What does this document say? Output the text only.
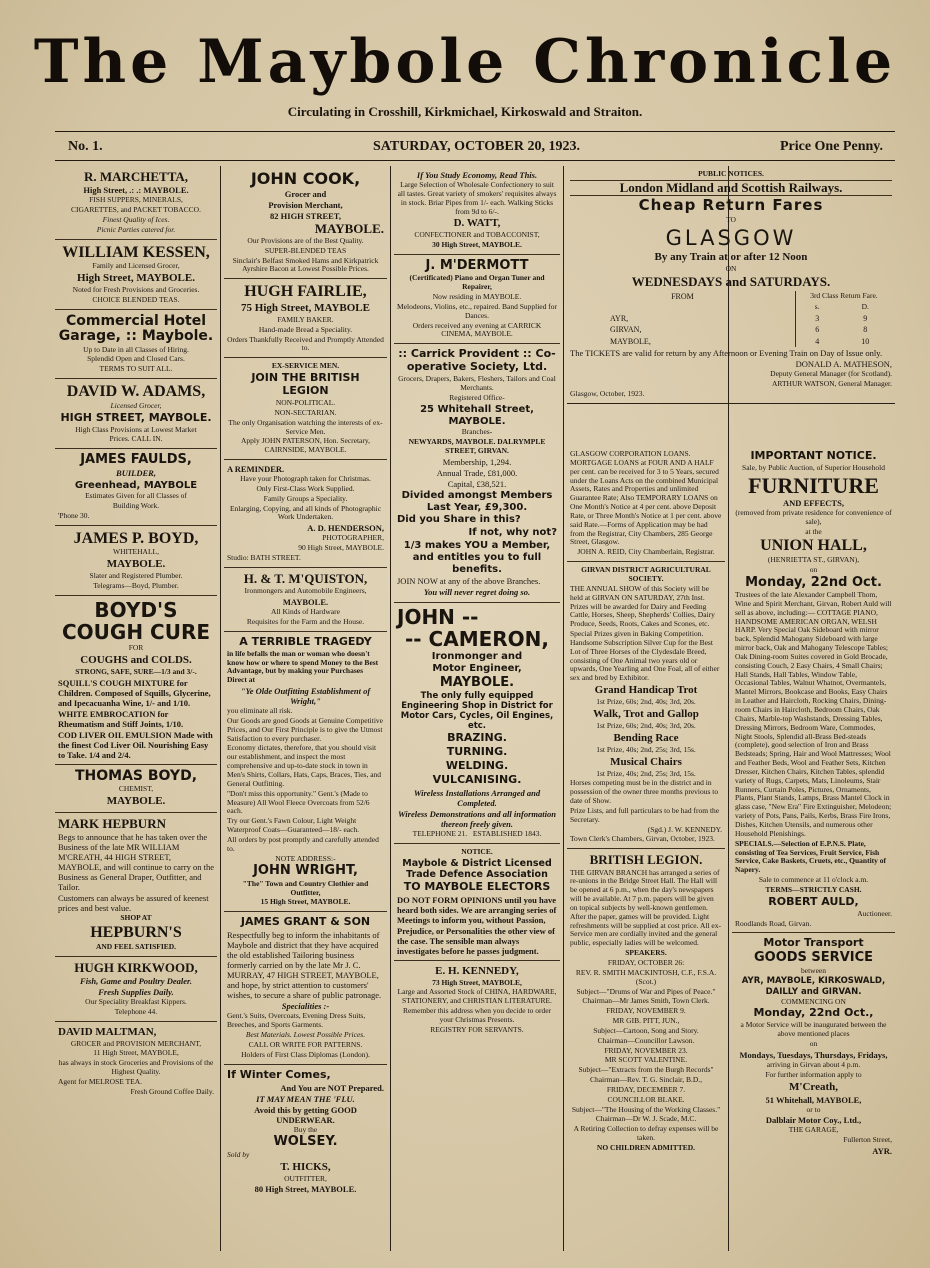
The Maybole Chronicle
Circulating in Crosshill, Kirkmichael, Kirkoswald and Straiton.
No. 1.	SATURDAY, OCTOBER 20, 1923.	Price One Penny.
R. MARCHETTA,
High Street, .: .: MAYBOLE.
FISH SUPPERS, MINERALS,
CIGARETTES, and PACKET TOBACCO.
Finest Quality of Ices.
Picnic Parties catered for.
WILLIAM KESSEN,
Family and Licensed Grocer,
High Street, MAYBOLE.
Noted for Fresh Provisions and Groceries.
CHOICE BLENDED TEAS.
Commercial Hotel Garage, :: Maybole.
Up to Date in all Classes of Hiring.
Splendid Open and Closed Cars.
TERMS TO SUIT ALL.
DAVID W. ADAMS,
Licensed Grocer,
HIGH STREET, MAYBOLE.
High Class Provisions at Lowest Market
Prices. CALL IN.
JAMES FAULDS,
BUILDER,
Greenhead, MAYBOLE
Estimates Given for all Classes of
Building Work.
'Phone 30.
JAMES P. BOYD,
WHITEHALL,
MAYBOLE.
Slater and Registered Plumber.
Telegrams—Boyd, Plumber.
BOYD'S
COUGH CURE
FOR
COUGHS and COLDS.
STRONG, SAFE, SURE—1/3 and 3/-.
SQUILL'S COUGH MIXTURE for Children. Composed of Squills, Glycerine, and Ipecacuanha Wine, 1/- and 1/10.
WHITE EMBROCATION for Rheumatism and Stiff Joints, 1/10.
COD LIVER OIL EMULSION Made with the finest Cod Liver Oil. Nourishing Easy to Take. 1/4 and 2/4.
THOMAS BOYD,
CHEMIST,
MAYBOLE.
MARK HEPBURN
Begs to announce that he has taken over the Business of the late MR WILLIAM M'CREATH, 44 HIGH STREET, MAYBOLE, and will continue to carry on the Business as General Draper, Outfitter, and Tailor.
Customers can always be assured of keenest prices and best value.
SHOP AT
HEPBURN'S
AND FEEL SATISFIED.
HUGH KIRKWOOD,
Fish, Game and Poultry Dealer.
Fresh Supplies Daily.
Our Speciality Breakfast Kippers.
Telephone 44.
DAVID MALTMAN,
GROCER and PROVISION MERCHANT,
11 High Street, MAYBOLE,
has always in stock Groceries and Provisions of the Highest Quality.
Agent for MELROSE TEA.
Fresh Ground Coffee Daily.
JOHN COOK,
Grocer and
Provision Merchant,
82 HIGH STREET,
MAYBOLE.
Our Provisions are of the Best Quality.
SUPER-BLENDED TEAS
Sinclair's Belfast Smoked Hams and Kirkpatrick Ayrshire Bacon at Lowest Possible Prices.
HUGH FAIRLIE,
75 High Street, MAYBOLE
FAMILY BAKER.
Hand-made Bread a Speciality.
Orders Thankfully Received and Promptly Attended to.
EX-SERVICE MEN.
JOIN THE BRITISH LEGION
NON-POLITICAL.
NON-SECTARIAN.
The only Organisation watching the interests of ex-Service Men.
Apply JOHN PATERSON, Hon. Secretary, CAIRNSIDE, MAYBOLE.
A REMINDER.
Have your Photograph taken for Christmas.
Only First-Class Work Supplied.
Family Groups a Speciality.
Enlarging, Copying, and all kinds of Photographic Work Undertaken.
A. D. HENDERSON,
PHOTOGRAPHER,
90 High Street, MAYBOLE.
Studio: BATH STREET.
H. & T. M'QUISTON,
Ironmongers and Automobile Engineers,
MAYBOLE.
All Kinds of Hardware
Requisites for the Farm and the House.
A TERRIBLE TRAGEDY
in life befalls the man or woman who doesn't know how or where to spend Money to the Best Advantage, but by making your Purchases Direct at
"Ye Olde Outfitting Establishment of Wright,"
you eliminate all risk.
Our Goods are good Goods at Genuine Competitive Prices, and Our First Principle is to give the Utmost Satisfaction to every purchaser.
Economy dictates, therefore, that you should visit our establishment, and inspect the most comprehensive and up-to-date stock in town in Men's Shirts, Collars, Hats, Caps, Braces, Ties, and General Outfitting.
"Don't miss this opportunity." Gent.'s (Made to Measure) All Wool Fleece Overcoats from 52/6 each.
Try our Gent.'s Fawn Colour, Light Weight Waterproof Coats—Guaranteed—18/- each.
All orders by post promptly and carefully attended to.
NOTE ADDRESS:-
JOHN WRIGHT,
"The" Town and Country Clothier and Outfitter,
15 High Street, MAYBOLE.
JAMES GRANT & SON
Respectfully beg to inform the inhabitants of Maybole and district that they have acquired the old established Tailoring business formerly carried on by the late Mr J. C. MURRAY, 47 HIGH STREET, MAYBOLE, and hope, by strict attention to customers' wishes, to secure a share of public patronage.
Specialities :-
Gent.'s Suits, Overcoats, Evening Dress Suits, Breeches, and Sports Garments.
Best Materials. Lowest Possible Prices.
CALL OR WRITE FOR PATTERNS.
Holders of First Class Diplomas (London).
If Winter Comes,
And You are NOT Prepared.
IT MAY MEAN THE 'FLU.
Avoid this by getting GOOD UNDERWEAR.
Buy the
WOLSEY.
Sold by
T. HICKS,
OUTFITTER,
80 High Street, MAYBOLE.
If You Study Economy, Read This.
Large Selection of Wholesale Confectionery to suit all tastes. Great variety of smokers' requisites always in stock. Briar Pipes from 1/- each. Walking Sticks from 9d to 6/-.
D. WATT,
CONFECTIONER and TOBACCONIST,
30 High Street, MAYBOLE.
J. M'DERMOTT
(Certificated) Piano and Organ Tuner and Repairer,
Now residing in MAYBOLE.
Melodeons, Violins, etc., repaired. Band Supplied for Dances.
Orders received any evening at CARRICK CINEMA, MAYBOLE.
:: Carrick Provident :: Co-operative Society, Ltd.
Grocers, Drapers, Bakers, Fleshers, Tailors and Coal Merchants.
Registered Office-
25 Whitehall Street, MAYBOLE.
Branches-
NEWYARDS, MAYBOLE. DALRYMPLE STREET, GIRVAN.
Membership, 1,294.
Annual Trade, £81,000.
Capital, £38,521.
Divided amongst Members Last Year, £9,300.
Did you Share in this?
If not, why not?
1/3 makes YOU a Member, and entitles you to full benefits.
JOIN NOW at any of the above Branches.
You will never regret doing so.
JOHN --
-- CAMERON,
Ironmonger and
Motor Engineer,
MAYBOLE.
The only fully equipped Engineering Shop in District for Motor Cars, Cycles, Oil Engines, etc.
BRAZING.
TURNING.
WELDING.
VULCANISING.
Wireless Installations Arranged and Completed.
Wireless Demonstrations and all information thereon freely given.
TELEPHONE 21. ESTABLISHED 1843.
NOTICE.
Maybole & District Licensed Trade Defence Association
TO MAYBOLE ELECTORS
DO NOT FORM OPINIONS until you have heard both sides. We are arranging series of Meetings to inform you, without Passion, Prejudice, or Personalities the other view of the case. The sensible man always investigates before he passes judgment.
E. H. KENNEDY,
73 High Street, MAYBOLE,
Large and Assorted Stock of CHINA, HARDWARE, STATIONERY, and CHRISTIAN LITERATURE.
Remember this address when you decide to order your Christmas Presents.
REGISTRY FOR SERVANTS.
PUBLIC NOTICES.
London Midland and Scottish Railways.
Cheap Return Fares
TO
GLASGOW
By any Train at or after 12 Noon
ON
WEDNESDAYS and SATURDAYS.
FROM	3rd Class Return Fare.	
	s.	D.
AYR,	3	9
GIRVAN,	6	8
MAYBOLE,	4	10
The TICKETS are valid for return by any Afternoon or Evening Train on Day of Issue only.
DONALD A. MATHESON,
Deputy General Manager (for Scotland).
ARTHUR WATSON, General Manager.
Glasgow, October, 1923.
GLASGOW CORPORATION LOANS. MORTGAGE LOANS at FOUR AND A HALF per cent. can be received for 3 to 5 Years, secured under the Loans Acts on the combined Municipal Assets, Rates and Properties and unlimited Guarantee Rate; Also TEMPORARY LOANS on One Month's Notice at 4 per cent. above Deposit Rate, or Three Month's Notice at 1 per cent. above said Rate.—Forms of Application may be had from the Registrar, City Chambers, 285 George Street, Glasgow.
JOHN A. REID, City Chamberlain, Registrar.
GIRVAN DISTRICT AGRICULTURAL SOCIETY.
THE ANNUAL SHOW of this Society will be held at GIRVAN ON SATURDAY, 27th Inst. Prizes will be awarded for Dairy and Feeding Cattle, Horses, Sheep, Shepherds' Collies, Dairy Produce, Seeds, Roots, Cakes and Scones, etc.
Special Prizes given in Baking Competition. Handsome Subscription Silver Cup for the Best Lot of Three Horses of the Clydesdale Breed, consisting of One Animal two years old or upwards, One Yearling and One Foal, all of either sex and bred by Exhibitor.
Grand Handicap Trot
1st Prize, 60s; 2nd, 40s; 3rd, 20s.
Walk, Trot and Gallop
1st Prize, 60s; 2nd, 40s; 3rd, 20s.
Bending Race
1st Prize, 40s; 2nd, 25s; 3rd, 15s.
Musical Chairs
1st Prize, 40s; 2nd, 25s; 3rd, 15s.
Horses competing must be in the district and in possession of the owner three months previous to date of Show.
Prize Lists, and full particulars to be had from the Secretary.
(Sgd.) J. W. KENNEDY.
Town Clerk's Chambers, Girvan, October, 1923.
BRITISH LEGION.
THE GIRVAN BRANCH has arranged a series of re-unions in the Bridge Street Hall. The Hall will be opened at 6 p.m., when the day's newspapers will be available. At 7 p.m. papers will be given on topical subjects by well-known gentlemen. After the paper, games will be provided. Light refreshments will be supplied at cost price. All ex-Service men are cordially invited and the general public, especially ladies will be welcomed.
SPEAKERS.
FRIDAY, OCTOBER 26:
REV. R. SMITH MACKINTOSH, C.F., F.S.A. (Scot.)
Subject—"Drums of War and Pipes of Peace."
Chairman—Mr James Smith, Town Clerk.
FRIDAY, NOVEMBER 9.
MR GIB. PITT, JUN.,
Subject—Cartoon, Song and Story.
Chairman—Councillor Lawson.
FRIDAY, NOVEMBER 23.
MR SCOTT VALENTINE.
Subject—"Extracts from the Burgh Records"
Chairman—Rev. T. G. Sinclair, B.D.,
FRIDAY, DECEMBER 7.
COUNCILLOR BLAKE.
Subject—"The Housing of the Working Classes."
Chairman—Dr W. J. Scade, M.C.
A Retiring Collection to defray expenses will be taken.
NO CHILDREN ADMITTED.
IMPORTANT NOTICE.
Sale, by Public Auction, of Superior Household
FURNITURE
AND EFFECTS,
(removed from private residence for convenience of sale),
at the
UNION HALL,
(HENRIETTA ST., GIRVAN),
on
Monday, 22nd Oct.
Trustees of the late Alexander Campbell Thom, Wine and Spirit Merchant, Girvan, Robert Auld will sell as above, including:— COTTAGE PIANO, HANDSOME AMERICAN ORGAN, WELSH HARP. Very Special Oak Sideboard with mirror back, Splendid Mahogany Sideboard with large mirror back, Oak and Mahogany Telescope Tables; Oak Dining-room Suites covered in Gold Brocade, consisting Couch, 2 Easy Chairs, 4 Small Chairs; Hall Stands, Hall Tables, Window Table, Occasional Tables, Walnut Whatnot, Overmantels, Mantel Mirrors, Bookcase and Books, Easy Chairs in Leather and Haircloth, Rocking Chairs, Dining-room Chairs in Haircloth, Bedroom Chairs, Oak Chairs, Marble-top Washstands, Dressing Tables, Dressing Mirrors, Bedroom Ware, Commodes, Night Stools, Splendid all-Brass Bed-steads (complete), good selection of Iron and Brass Bedsteads; Spring, Hair and Wool Mattresses; Wool and Feather Beds, Wool and Feather Sets, Kitchen Dresser, Kitchen Chairs, Kitchen Tables, splendid variety of Rugs, Carpets, Mats, Linoleums, Stair Runners, Curtain Poles, Pictures, Ornaments, Plants, Plant Stands, Lamps, Brass Mantel Clock in glass case, "New Era" Fire Extinguisher, Melodeon; variety of Pots, Pans, Pails, Kerbs, Brass Fire Irons, Dishes, Kitchen Utensils, and numerous other Household Plenishings.
SPECIALS.—Selection of E.P.N.S. Plate, consisting of Tea Services, Fruit Service, Fish Service, Cake Baskets, Cruets, etc., Quantity of Napery.
Sale to commence at 11 o'clock a.m.
TERMS—STRICTLY CASH.
ROBERT AULD,
Auctioneer.
Roodlands Road, Girvan.
Motor Transport
GOODS SERVICE
between
AYR, MAYBOLE, KIRKOSWALD, DAILLY and GIRVAN.
COMMENCING ON
Monday, 22nd Oct.,
a Motor Service will be inaugurated between the above mentioned places
on
Mondays, Tuesdays, Thursdays, Fridays,
arriving in Girvan about 4 p.m.
For further information apply to
M'Creath,
51 Whitehall, MAYBOLE,
or to
Dalblair Motor Coy., Ltd.,
THE GARAGE,
Fullerton Street,
AYR.
